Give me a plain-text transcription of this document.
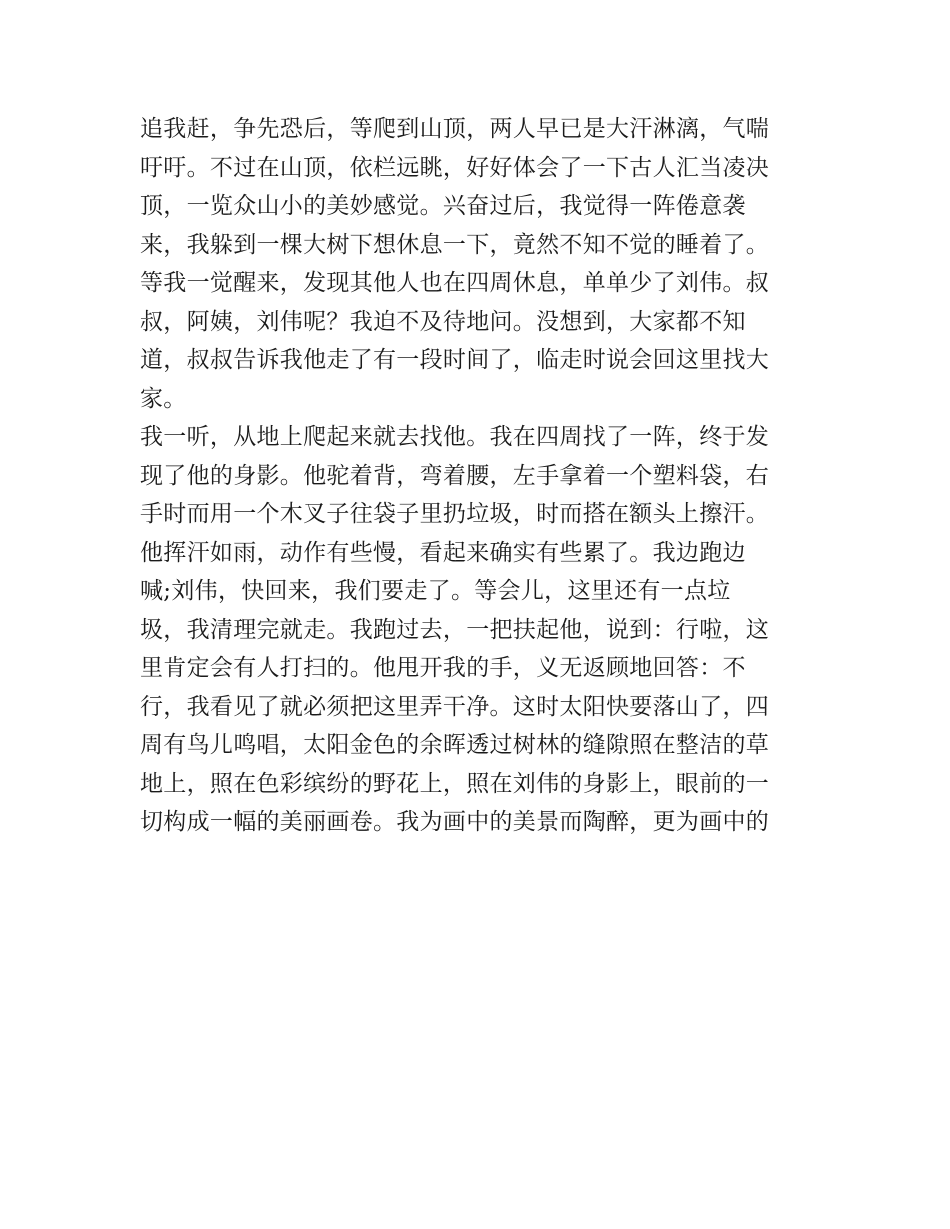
追我赶，争先恐后，等爬到山顶，两人早已是大汗淋漓，气喘
吁吁。不过在山顶，依栏远眺，好好体会了一下古人汇当凌决
顶，一览众山小的美妙感觉。兴奋过后，我觉得一阵倦意袭
来，我躲到一棵大树下想休息一下，竟然不知不觉的睡着了。
等我一觉醒来，发现其他人也在四周休息，单单少了刘伟。叔
叔，阿姨，刘伟呢？我迫不及待地问。没想到，大家都不知
道，叔叔告诉我他走了有一段时间了，临走时说会回这里找大
家。
我一听，从地上爬起来就去找他。我在四周找了一阵，终于发
现了他的身影。他驼着背，弯着腰，左手拿着一个塑料袋，右
手时而用一个木叉子往袋子里扔垃圾，时而搭在额头上擦汗。
他挥汗如雨，动作有些慢，看起来确实有些累了。我边跑边
喊;刘伟，快回来，我们要走了。等会儿，这里还有一点垃
圾，我清理完就走。我跑过去，一把扶起他，说到：行啦，这
里肯定会有人打扫的。他甩开我的手，义无返顾地回答：不
行，我看见了就必须把这里弄干净。这时太阳快要落山了，四
周有鸟儿鸣唱，太阳金色的余晖透过树林的缝隙照在整洁的草
地上，照在色彩缤纷的野花上，照在刘伟的身影上，眼前的一
切构成一幅的美丽画卷。我为画中的美景而陶醉，更为画中的
